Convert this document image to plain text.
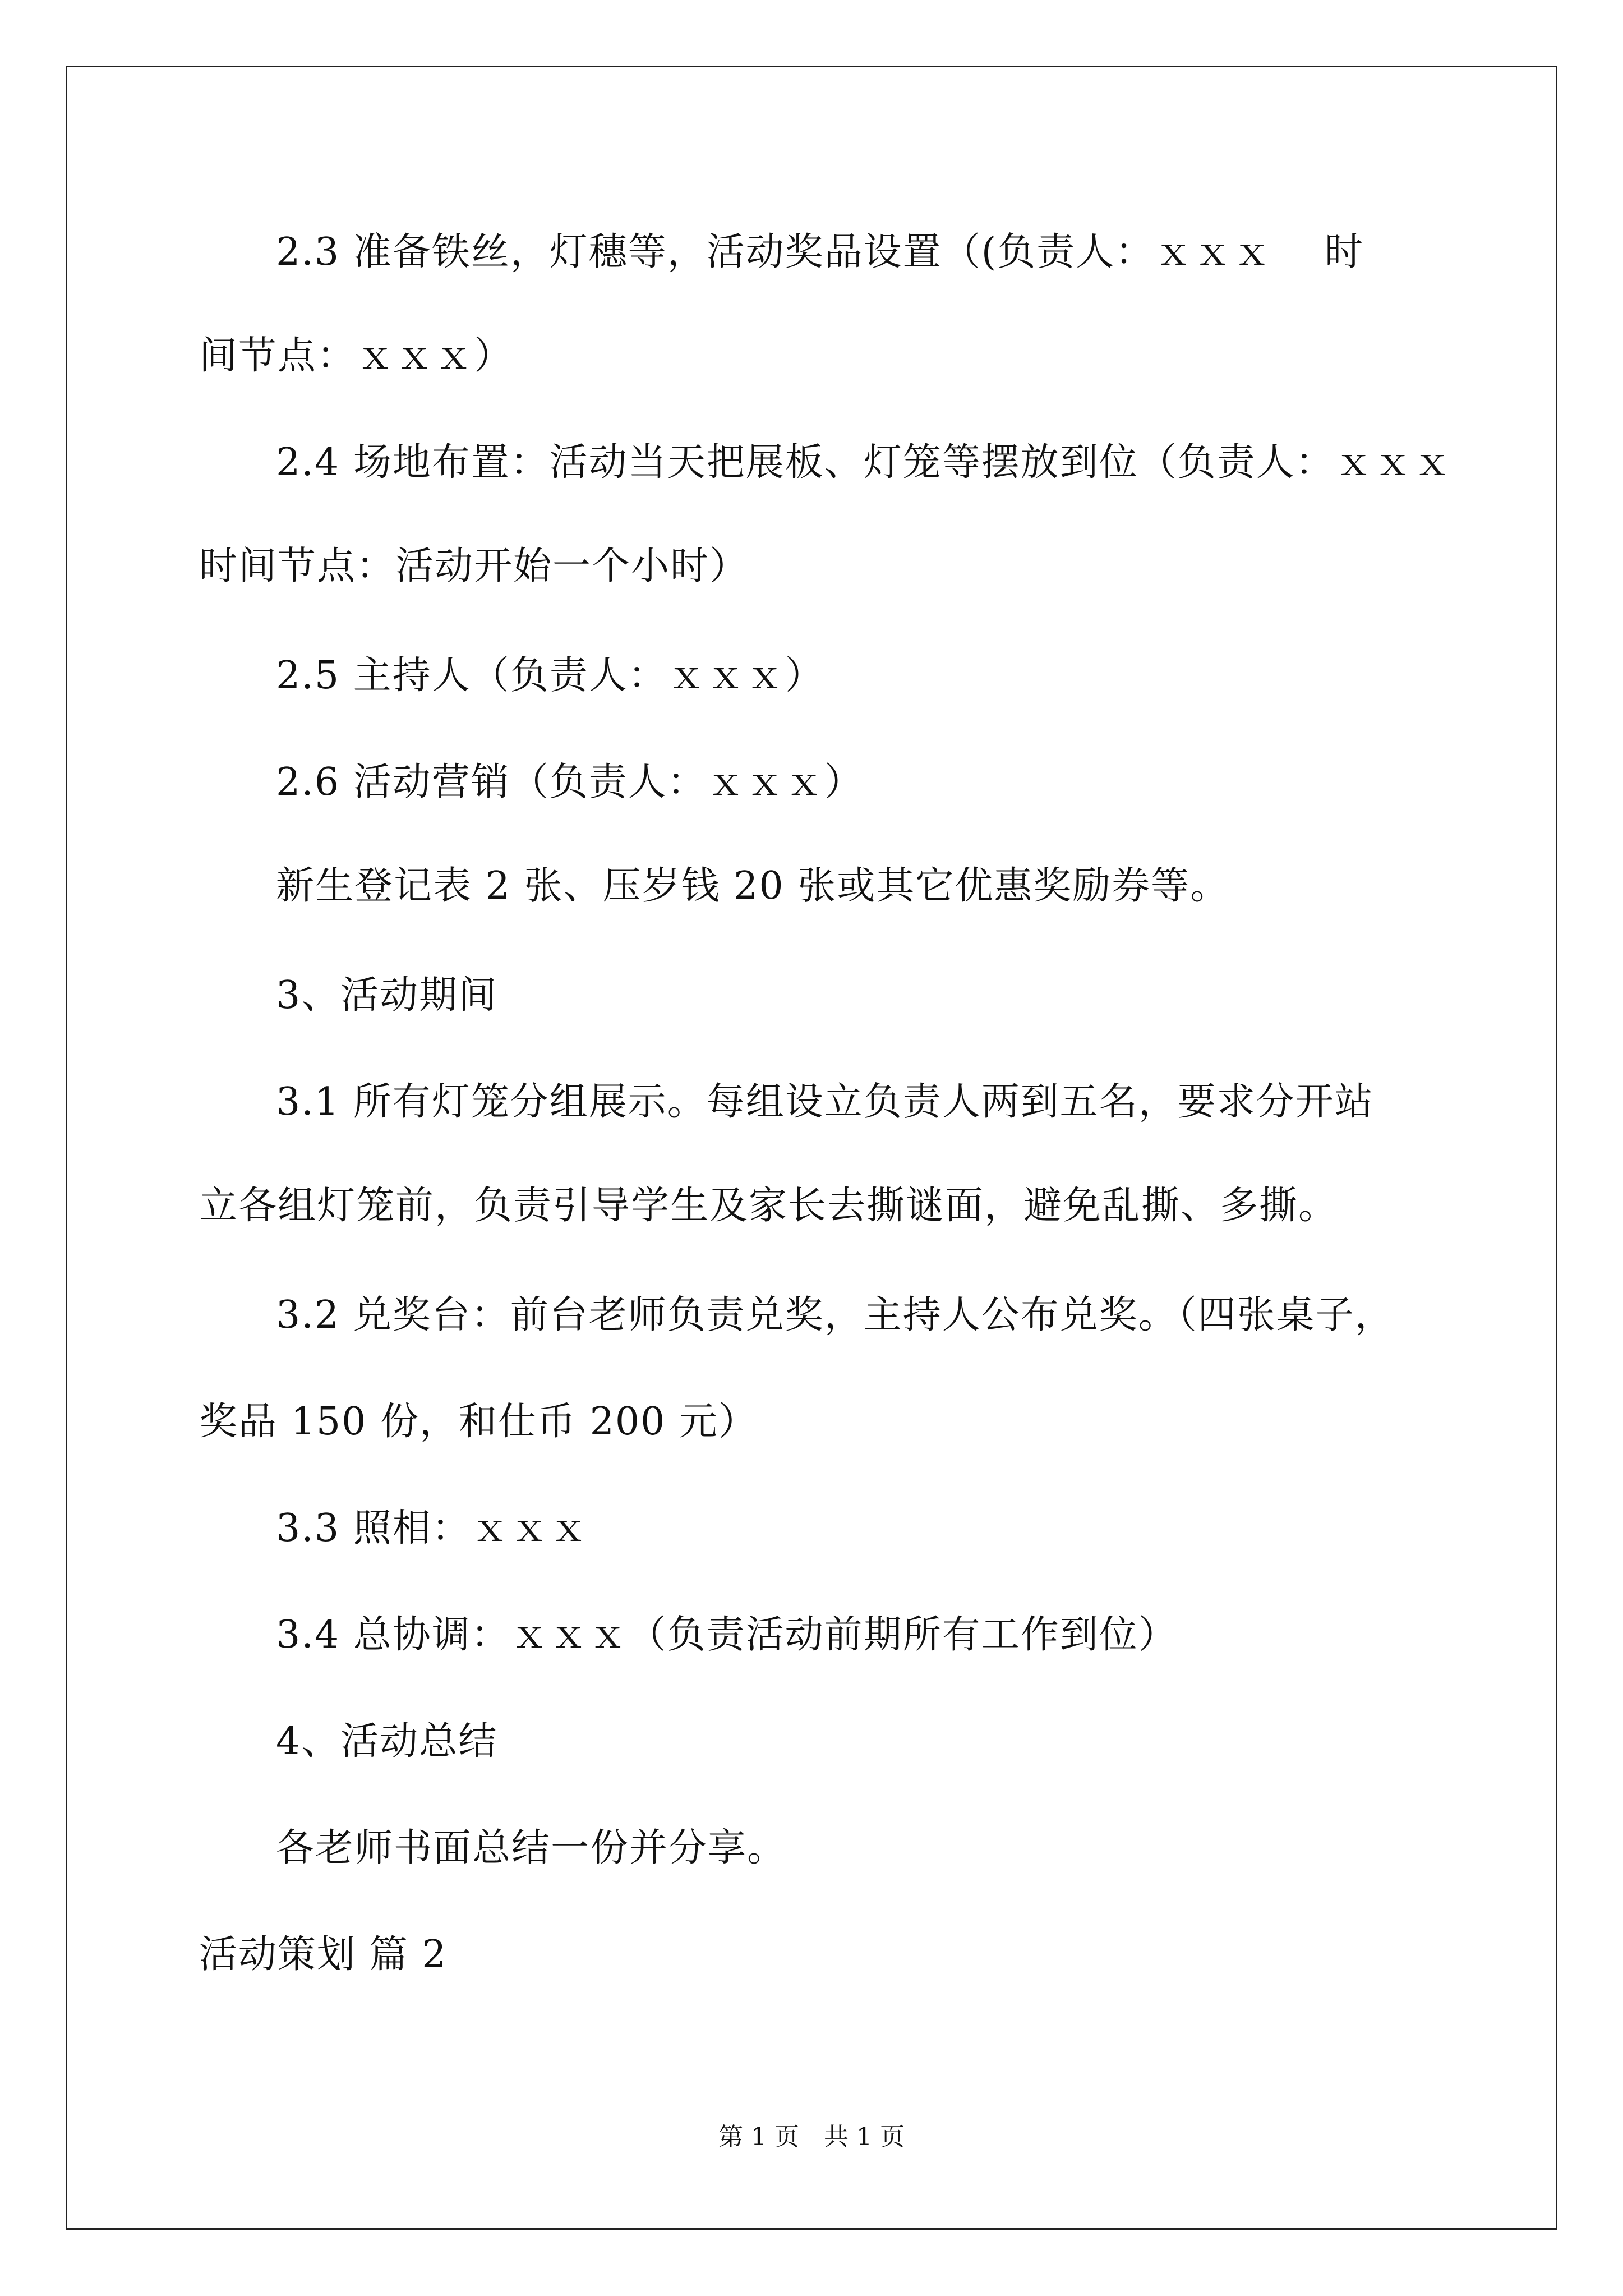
2.3 准备铁丝，灯穗等，活动奖品设置（(负责人：ｘｘｘ　 时
间节点：ｘｘｘ）
2.4 场地布置：活动当天把展板、灯笼等摆放到位（负责人：ｘｘｘ
时间节点：活动开始一个小时）
2.5 主持人（负责人：ｘｘｘ）
2.6 活动营销（负责人：ｘｘｘ）
新生登记表 2 张、压岁钱 20 张或其它优惠奖励券等。
3、活动期间
3.1 所有灯笼分组展示。每组设立负责人两到五名，要求分开站
立各组灯笼前，负责引导学生及家长去撕谜面，避免乱撕、多撕。
3.2 兑奖台：前台老师负责兑奖，主持人公布兑奖。（四张桌子，
奖品 150 份，和仕币 200 元）
3.3 照相：ｘｘｘ
3.4 总协调：ｘｘｘ（负责活动前期所有工作到位）
4、活动总结
各老师书面总结一份并分享。
活动策划 篇 2
第 1 页　共 1 页
